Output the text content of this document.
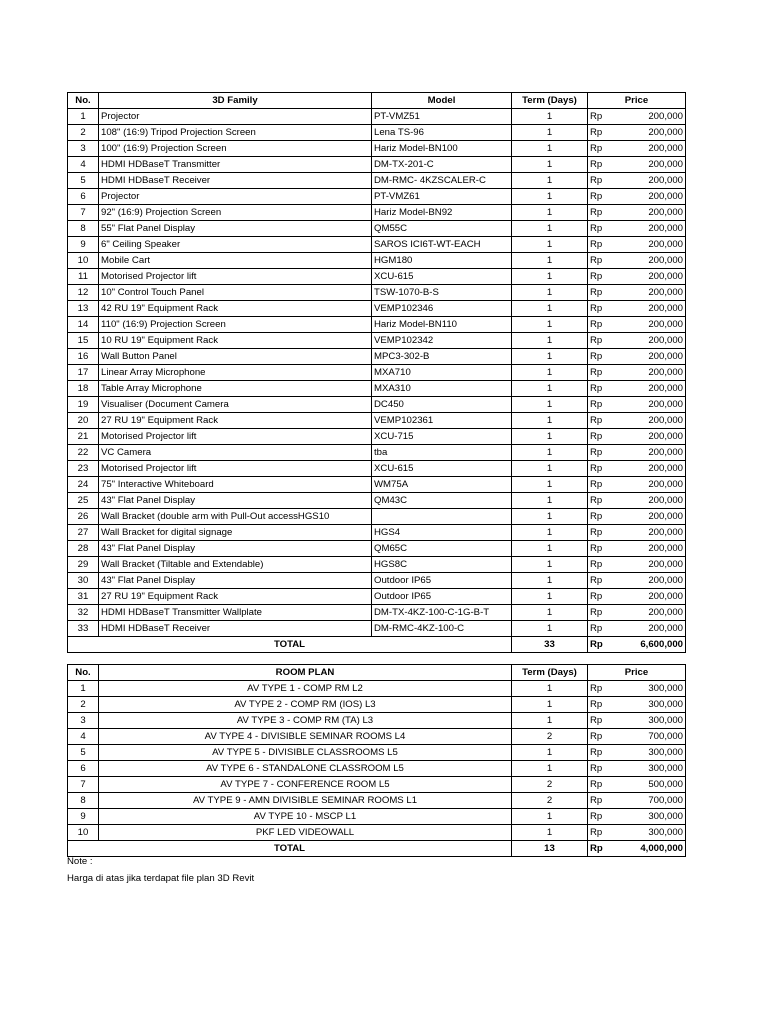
No.	3D Family	Model	Term (Days)	Price	
1	Projector	PT-VMZ51	1	Rp	200,000
2	108" (16:9) Tripod Projection Screen	Lena TS-96	1	Rp	200,000
3	100" (16:9) Projection Screen	Hariz Model-BN100	1	Rp	200,000
4	HDMI HDBaseT Transmitter	DM-TX-201-C	1	Rp	200,000
5	HDMI HDBaseT Receiver	DM-RMC- 4KZSCALER-C	1	Rp	200,000
6	Projector	PT-VMZ61	1	Rp	200,000
7	92" (16:9) Projection Screen	Hariz Model-BN92	1	Rp	200,000
8	55" Flat Panel Display	QM55C	1	Rp	200,000
9	6" Ceiling Speaker	SAROS ICI6T-WT-EACH	1	Rp	200,000
10	Mobile Cart	HGM180	1	Rp	200,000
11	Motorised Projector lift	XCU-615	1	Rp	200,000
12	10" Control Touch Panel	TSW-1070-B-S	1	Rp	200,000
13	42 RU 19" Equipment Rack	VEMP102346	1	Rp	200,000
14	110" (16:9) Projection Screen	Hariz Model-BN110	1	Rp	200,000
15	10 RU 19" Equipment Rack	VEMP102342	1	Rp	200,000
16	Wall Button Panel	MPC3-302-B	1	Rp	200,000
17	Linear Array Microphone	MXA710	1	Rp	200,000
18	Table Array Microphone	MXA310	1	Rp	200,000
19	Visualiser (Document Camera	DC450	1	Rp	200,000
20	27 RU 19" Equipment Rack	VEMP102361	1	Rp	200,000
21	Motorised Projector lift	XCU-715	1	Rp	200,000
22	VC Camera	tba	1	Rp	200,000
23	Motorised Projector lift	XCU-615	1	Rp	200,000
24	75" Interactive Whiteboard	WM75A	1	Rp	200,000
25	43" Flat Panel Display	QM43C	1	Rp	200,000
26	Wall Bracket (double arm with Pull-Out accessHGS10		1	Rp	200,000
27	Wall Bracket for digital signage	HGS4	1	Rp	200,000
28	43" Flat Panel Display	QM65C	1	Rp	200,000
29	Wall Bracket (Tiltable and Extendable)	HGS8C	1	Rp	200,000
30	43" Flat Panel Display	Outdoor IP65	1	Rp	200,000
31	27 RU 19" Equipment Rack	Outdoor IP65	1	Rp	200,000
32	HDMI HDBaseT Transmitter Wallplate	DM-TX-4KZ-100-C-1G-B-T	1	Rp	200,000
33	HDMI HDBaseT Receiver	DM-RMC-4KZ-100-C	1	Rp	200,000
TOTAL			33	Rp	6,600,000
No.	ROOM PLAN	Term (Days)	Price	
1	AV TYPE 1 - COMP RM L2	1	Rp	300,000
2	AV TYPE 2 - COMP RM (IOS) L3	1	Rp	300,000
3	AV TYPE 3 - COMP RM (TA) L3	1	Rp	300,000
4	AV TYPE 4 - DIVISIBLE SEMINAR ROOMS L4	2	Rp	700,000
5	AV TYPE 5 - DIVISIBLE CLASSROOMS L5	1	Rp	300,000
6	AV TYPE 6 - STANDALONE CLASSROOM L5	1	Rp	300,000
7	AV TYPE 7 - CONFERENCE ROOM L5	2	Rp	500,000
8	AV TYPE 9 - AMN DIVISIBLE SEMINAR ROOMS L1	2	Rp	700,000
9	AV TYPE 10 - MSCP L1	1	Rp	300,000
10	PKF LED VIDEOWALL	1	Rp	300,000
TOTAL		13	Rp	4,000,000
Note :
Harga di atas jika terdapat file plan 3D Revit
